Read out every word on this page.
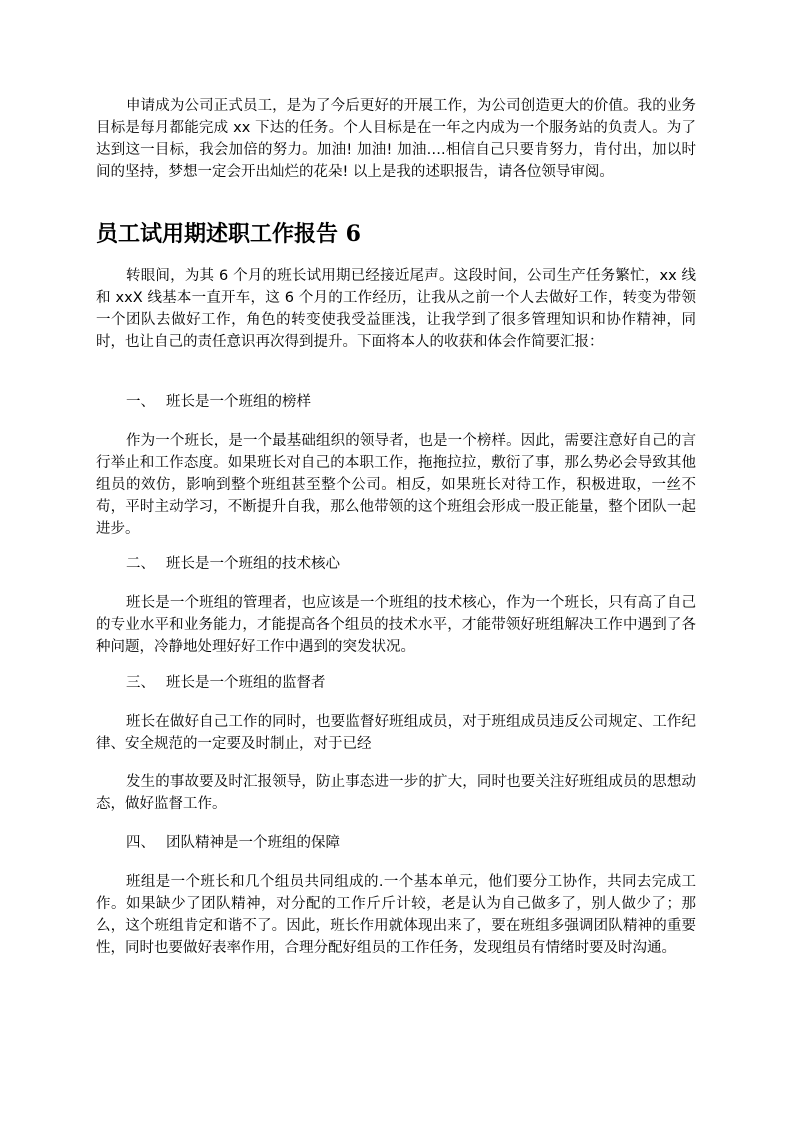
申请成为公司正式员工，是为了今后更好的开展工作，为公司创造更大的价值。我的业务目标是每月都能完成 xx 下达的任务。个人目标是在一年之内成为一个服务站的负责人。为了达到这一目标，我会加倍的努力。加油! 加油! 加油….相信自己只要肯努力，肯付出，加以时间的坚持，梦想一定会开出灿烂的花朵! 以上是我的述职报告，请各位领导审阅。

员工试用期述职工作报告 6

转眼间，为其 6 个月的班长试用期已经接近尾声。这段时间，公司生产任务繁忙，xx 线和 xxX 线基本一直开车，这 6 个月的工作经历，让我从之前一个人去做好工作，转变为带领一个团队去做好工作，角色的转变使我受益匪浅，让我学到了很多管理知识和协作精神，同时，也让自己的责任意识再次得到提升。下面将本人的收获和体会作简要汇报：

一、 班长是一个班组的榜样

作为一个班长，是一个最基础组织的领导者，也是一个榜样。因此，需要注意好自己的言行举止和工作态度。如果班长对自己的本职工作，拖拖拉拉，敷衍了事，那么势必会导致其他组员的效仿，影响到整个班组甚至整个公司。相反，如果班长对待工作，积极进取，一丝不苟，平时主动学习，不断提升自我，那么他带领的这个班组会形成一股正能量，整个团队一起进步。

二、 班长是一个班组的技术核心

班长是一个班组的管理者，也应该是一个班组的技术核心，作为一个班长，只有高了自己的专业水平和业务能力，才能提高各个组员的技术水平，才能带领好班组解决工作中遇到了各种问题，冷静地处理好好工作中遇到的突发状况。

三、 班长是一个班组的监督者

班长在做好自己工作的同时，也要监督好班组成员，对于班组成员违反公司规定、工作纪律、安全规范的一定要及时制止，对于已经

发生的事故要及时汇报领导，防止事态进一步的扩大，同时也要关注好班组成员的思想动态，做好监督工作。

四、 团队精神是一个班组的保障

班组是一个班长和几个组员共同组成的.一个基本单元，他们要分工协作，共同去完成工作。如果缺少了团队精神，对分配的工作斤斤计较，老是认为自己做多了，别人做少了；那么，这个班组肯定和谐不了。因此，班长作用就体现出来了，要在班组多强调团队精神的重要性，同时也要做好表率作用，合理分配好组员的工作任务，发现组员有情绪时要及时沟通。
